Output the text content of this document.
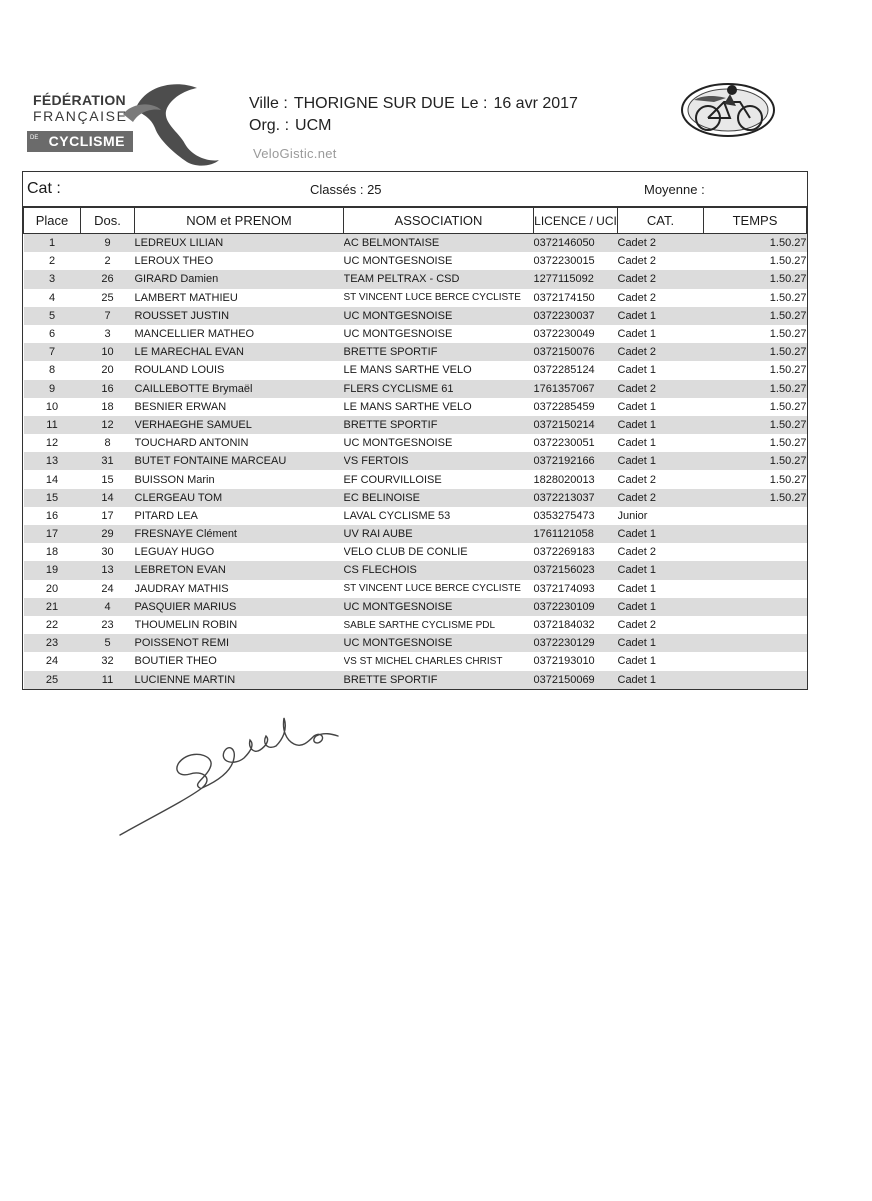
FÉDÉRATION
FRANÇAISE
DE CYCLISME
Ville : THORIGNE SUR DUE Le : 16 avr 2017
Org. : UCM
VeloGistic.net
Cat :	Classés : 25	Moyenne :
Place	Dos.	NOM et PRENOM	ASSOCIATION	LICENCE / UCI	CAT.	TEMPS
1	9	LEDREUX LILIAN	AC BELMONTAISE	0372146050	Cadet 2	1.50.27
2	2	LEROUX THEO	UC MONTGESNOISE	0372230015	Cadet 2	1.50.27
3	26	GIRARD Damien	TEAM PELTRAX - CSD	1277115092	Cadet 2	1.50.27
4	25	LAMBERT MATHIEU	ST VINCENT LUCE BERCE CYCLISTE	0372174150	Cadet 2	1.50.27
5	7	ROUSSET JUSTIN	UC MONTGESNOISE	0372230037	Cadet 1	1.50.27
6	3	MANCELLIER MATHEO	UC MONTGESNOISE	0372230049	Cadet 1	1.50.27
7	10	LE MARECHAL EVAN	BRETTE SPORTIF	0372150076	Cadet 2	1.50.27
8	20	ROULAND LOUIS	LE MANS SARTHE VELO	0372285124	Cadet 1	1.50.27
9	16	CAILLEBOTTE Brymaël	FLERS CYCLISME 61	1761357067	Cadet 2	1.50.27
10	18	BESNIER ERWAN	LE MANS SARTHE VELO	0372285459	Cadet 1	1.50.27
11	12	VERHAEGHE SAMUEL	BRETTE SPORTIF	0372150214	Cadet 1	1.50.27
12	8	TOUCHARD ANTONIN	UC MONTGESNOISE	0372230051	Cadet 1	1.50.27
13	31	BUTET FONTAINE MARCEAU	VS FERTOIS	0372192166	Cadet 1	1.50.27
14	15	BUISSON Marin	EF COURVILLOISE	1828020013	Cadet 2	1.50.27
15	14	CLERGEAU TOM	EC BELINOISE	0372213037	Cadet 2	1.50.27
16	17	PITARD LEA	LAVAL CYCLISME 53	0353275473	Junior	
17	29	FRESNAYE Clément	UV RAI AUBE	1761121058	Cadet 1	
18	30	LEGUAY HUGO	VELO CLUB DE CONLIE	0372269183	Cadet 2	
19	13	LEBRETON EVAN	CS FLECHOIS	0372156023	Cadet 1	
20	24	JAUDRAY MATHIS	ST VINCENT LUCE BERCE CYCLISTE	0372174093	Cadet 1	
21	4	PASQUIER MARIUS	UC MONTGESNOISE	0372230109	Cadet 1	
22	23	THOUMELIN ROBIN	SABLE SARTHE CYCLISME PDL	0372184032	Cadet 2	
23	5	POISSENOT REMI	UC MONTGESNOISE	0372230129	Cadet 1	
24	32	BOUTIER THEO	VS ST MICHEL CHARLES CHRIST	0372193010	Cadet 1	
25	11	LUCIENNE MARTIN	BRETTE SPORTIF	0372150069	Cadet 1	
